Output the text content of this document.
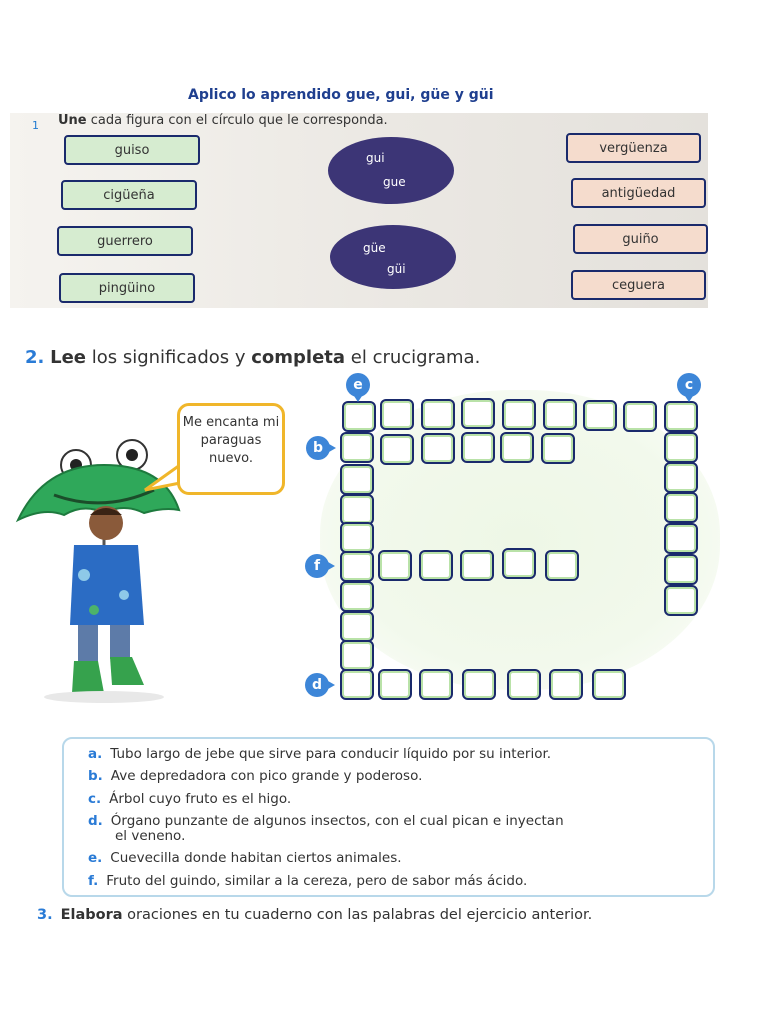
Aplico lo aprendido gue, gui, güe y güi
1 Une cada figura con el círculo que le corresponda.
guiso
cigüeña
guerrero
pingüino
vergüenza
antigüedad
guiño
ceguera
gui
gue
güe
güi
2. Lee los significados y completa el crucigrama.
Me encanta mi paraguas nuevo.
e	c
b
f
d
a. Tubo largo de jebe que sirve para conducir líquido por su interior.
b. Ave depredadora con pico grande y poderoso.
c. Árbol cuyo fruto es el higo.
d. Órgano punzante de algunos insectos, con el cual pican e inyectan
el veneno.
e. Cuevecilla donde habitan ciertos animales.
f. Fruto del guindo, similar a la cereza, pero de sabor más ácido.
3. Elabora oraciones en tu cuaderno con las palabras del ejercicio anterior.
